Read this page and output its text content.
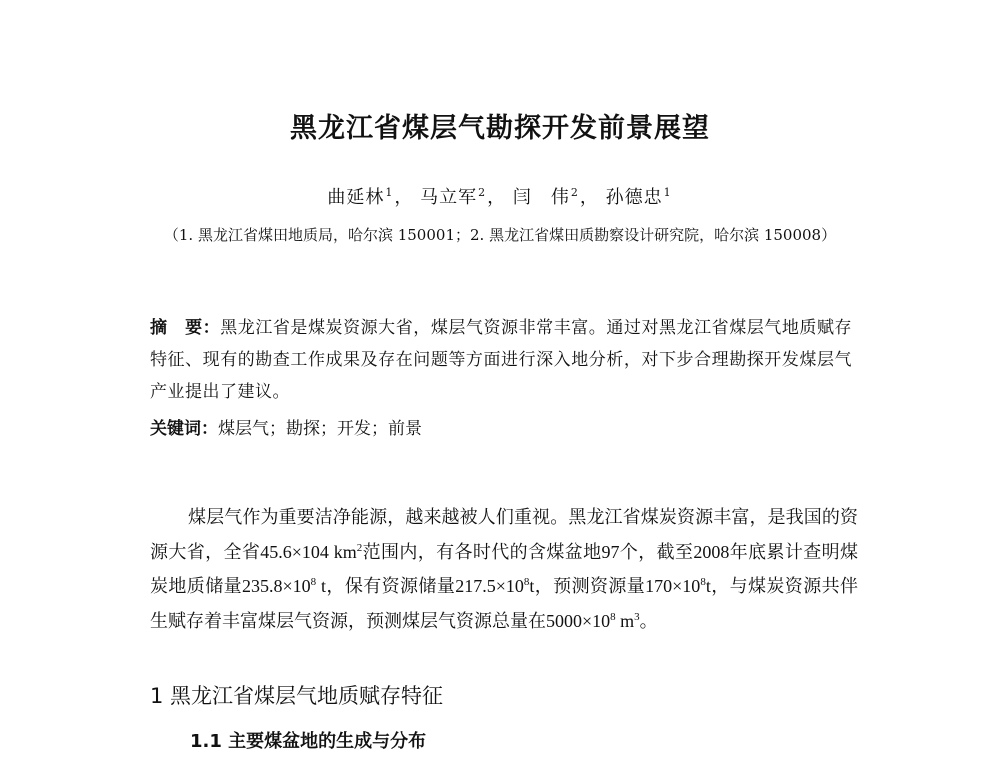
黑龙江省煤层气勘探开发前景展望
曲延林$^1$， 马立军$^2$， 闫　伟$^2$， 孙德忠$^1$
（1. 黑龙江省煤田地质局，哈尔滨 150001；2. 黑龙江省煤田质勘察设计研究院，哈尔滨 150008）
摘　要：黑龙江省是煤炭资源大省，煤层气资源非常丰富。通过对黑龙江省煤层气地质赋存特征、现有的勘查工作成果及存在问题等方面进行深入地分析，对下步合理勘探开发煤层气产业提出了建议。
关键词：煤层气；勘探；开发；前景
煤层气作为重要洁净能源，越来越被人们重视。黑龙江省煤炭资源丰富，是我国的资源大省，全省45.6×104 $km^2$范围内，有各时代的含煤盆地97个，截至2008年底累计查明煤炭地质储量$235.8\times 10^8$ t，保有资源储量$217.5\times 10^8t$，预测资源量$170\times 10^8t$，与煤炭资源共伴生赋存着丰富煤层气资源，预测煤层气资源总量在$5000\times 10^8$ $m^3$。
1 黑龙江省煤层气地质赋存特征
1.1 主要煤盆地的生成与分布
